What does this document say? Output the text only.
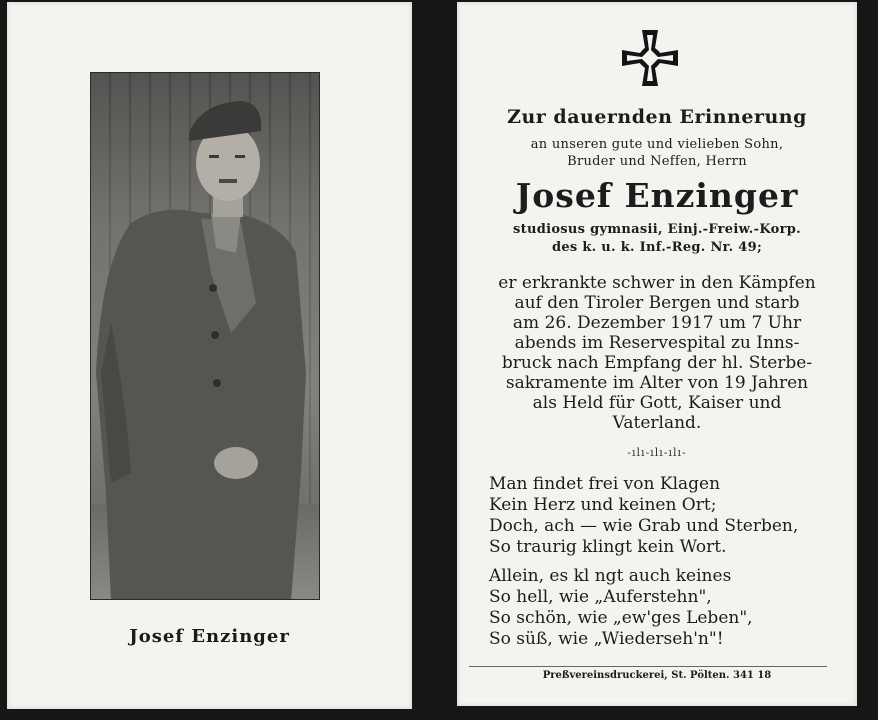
Josef Enzinger
Zur dauernden Erinnerung
an unseren gute und vielieben Sohn,
Bruder und Neffen, Herrn
Josef Enzinger
studiosus gymnasii, Einj.-Freiw.-Korp.
des k. u. k. Inf.-Reg. Nr. 49;
er erkrankte schwer in den Kämpfen
auf den Tiroler Bergen und starb
am 26. Dezember 1917 um 7 Uhr
abends im Reservespital zu Inns-
bruck nach Empfang der hl. Sterbe-
sakramente im Alter von 19 Jahren
als Held für Gott, Kaiser und
Vaterland.
-ılı-ılı-ılı-
Man findet frei von Klagen
Kein Herz und keinen Ort;
Doch, ach — wie Grab und Sterben,
So traurig klingt kein Wort.
Allein, es kl ngt auch keines
So hell, wie „Auferstehn",
So schön, wie „ew'ges Leben",
So süß, wie „Wiederseh'n"!
Preßvereinsdruckerei, St. Pölten. 341 18
